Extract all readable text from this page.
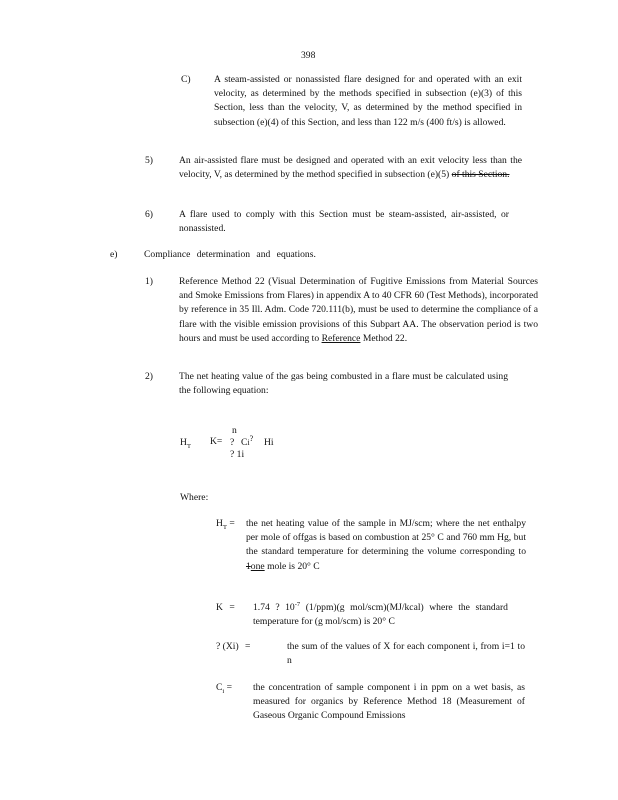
398
C) A steam-assisted or nonassisted flare designed for and operated with an exit velocity, as determined by the methods specified in subsection (e)(3) of this Section, less than the velocity, V, as determined by the method specified in subsection (e)(4) of this Section, and less than 122 m/s (400 ft/s) is allowed.
5)	An air-assisted flare must be designed and operated with an exit velocity less than the velocity, V, as determined by the method specified in subsection (e)(5) of this Section.
6)	A flare used to comply with this Section must be steam-assisted, air-assisted, or nonassisted.
e)	Compliance determination and equations.
1)	Reference Method 22 (Visual Determination of Fugitive Emissions from Material Sources and Smoke Emissions from Flares) in appendix A to 40 CFR 60 (Test Methods), incorporated by reference in 35 Ill. Adm. Code 720.111(b), must be used to determine the compliance of a flare with the visible emission provisions of this Subpart AA. The observation period is two hours and must be used according to Reference Method 22.
2)	The net heating value of the gas being combusted in a flare must be calculated using the following equation:
$H_T$ K=
n
? Ci? Hi
? 1i
Where:
$H_T$ = the net heating value of the sample in MJ/scm; where the net enthalpy per mole of offgas is based on combustion at 25° C and 760 mm Hg, but the standard temperature for determining the volume corresponding to 1one mole is 20° C
K = 1.74 ? $10^{-7}$ (1/ppm)(g mol/scm)(MJ/kcal) where the standard temperature for (g mol/scm) is 20° C
? (Xi) =	the sum of the values of X for each component i, from i=1 to n
$C_i$ = the concentration of sample component i in ppm on a wet basis, as measured for organics by Reference Method 18 (Measurement of Gaseous Organic Compound Emissions
